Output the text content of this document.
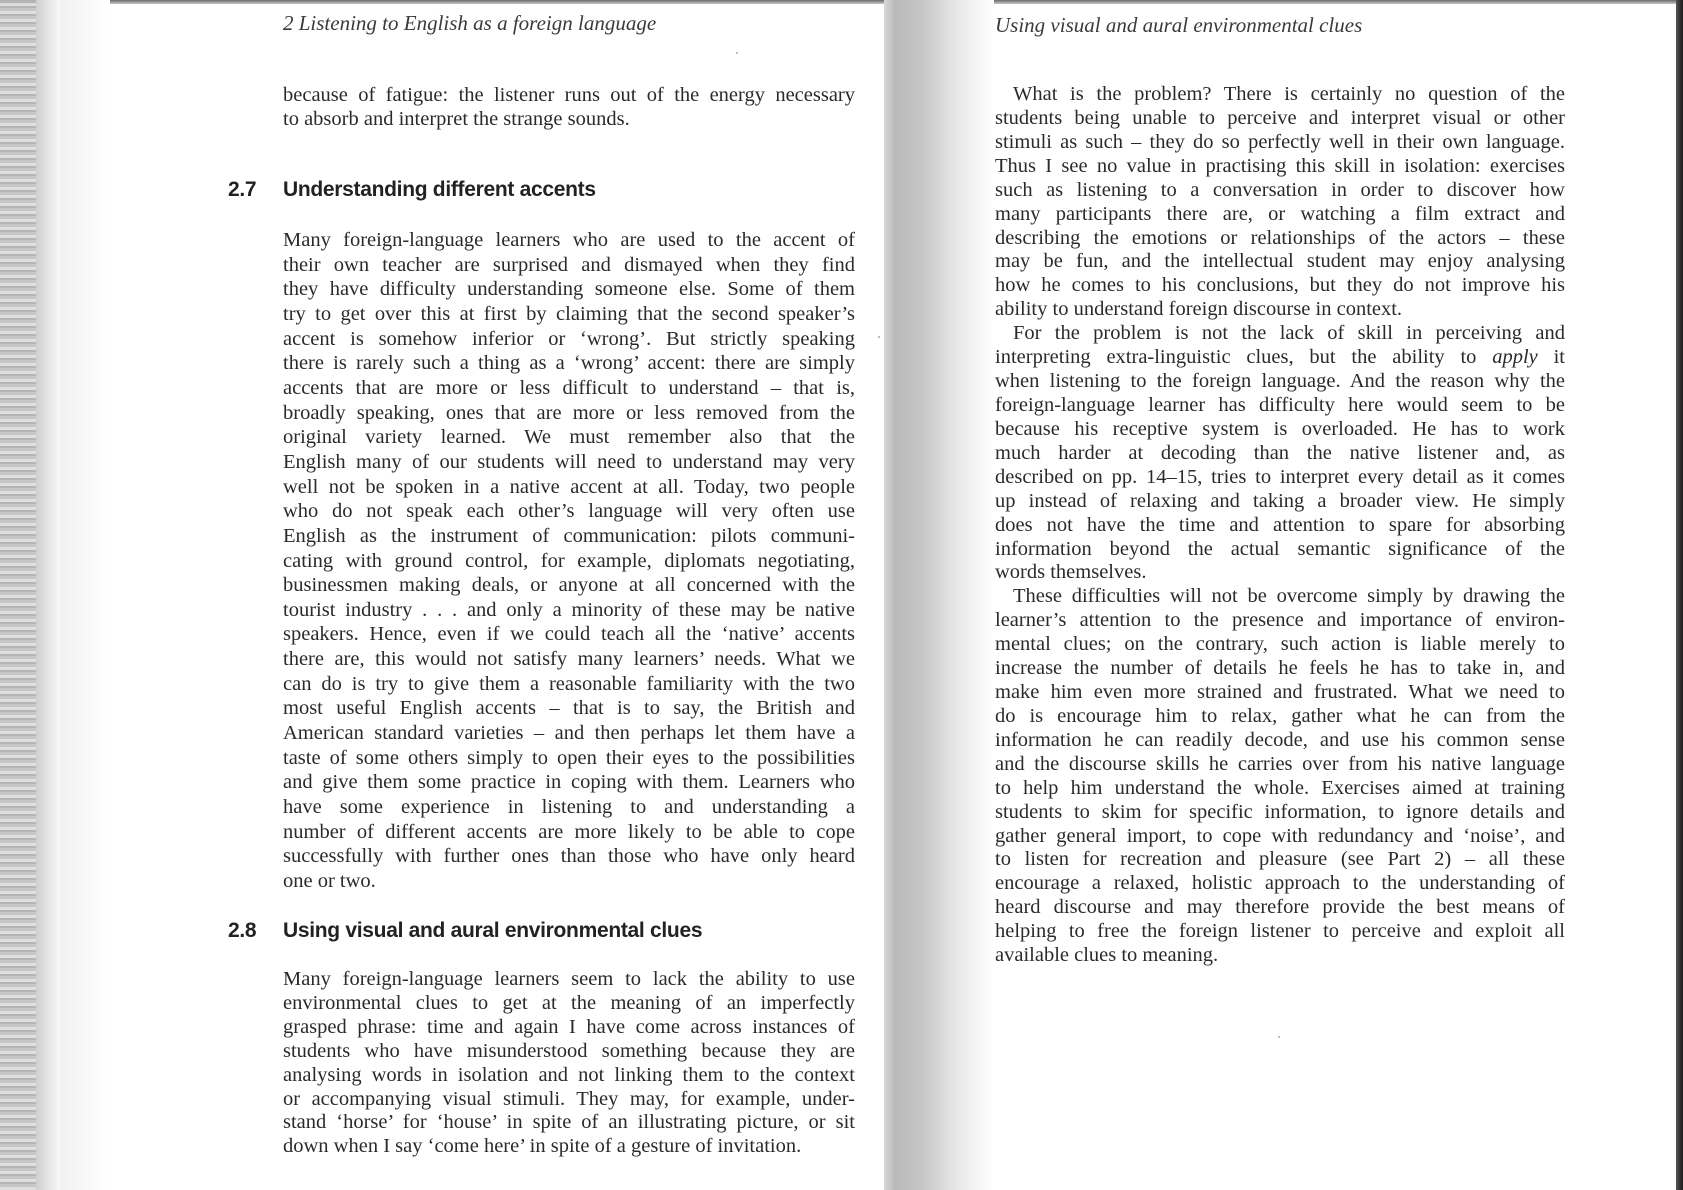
2 Listening to English as a foreign language
because of fatigue: the listener runs out of the energy necessary
to absorb and interpret the strange sounds.
2.7 Understanding different accents
Many foreign-language learners who are used to the accent of
their own teacher are surprised and dismayed when they find
they have difficulty understanding someone else. Some of them
try to get over this at first by claiming that the second speaker’s
accent is somehow inferior or ‘wrong’. But strictly speaking
there is rarely such a thing as a ‘wrong’ accent: there are simply
accents that are more or less difficult to understand – that is,
broadly speaking, ones that are more or less removed from the
original variety learned. We must remember also that the
English many of our students will need to understand may very
well not be spoken in a native accent at all. Today, two people
who do not speak each other’s language will very often use
English as the instrument of communication: pilots communi-
cating with ground control, for example, diplomats negotiating,
businessmen making deals, or anyone at all concerned with the
tourist industry . . . and only a minority of these may be native
speakers. Hence, even if we could teach all the ‘native’ accents
there are, this would not satisfy many learners’ needs. What we
can do is try to give them a reasonable familiarity with the two
most useful English accents – that is to say, the British and
American standard varieties – and then perhaps let them have a
taste of some others simply to open their eyes to the possibilities
and give them some practice in coping with them. Learners who
have some experience in listening to and understanding a
number of different accents are more likely to be able to cope
successfully with further ones than those who have only heard
one or two.
2.8 Using visual and aural environmental clues
Many foreign-language learners seem to lack the ability to use
environmental clues to get at the meaning of an imperfectly
grasped phrase: time and again I have come across instances of
students who have misunderstood something because they are
analysing words in isolation and not linking them to the context
or accompanying visual stimuli. They may, for example, under-
stand ‘horse’ for ‘house’ in spite of an illustrating picture, or sit
down when I say ‘come here’ in spite of a gesture of invitation.
Using visual and aural environmental clues
What is the problem? There is certainly no question of the
students being unable to perceive and interpret visual or other
stimuli as such – they do so perfectly well in their own language.
Thus I see no value in practising this skill in isolation: exercises
such as listening to a conversation in order to discover how
many participants there are, or watching a film extract and
describing the emotions or relationships of the actors – these
may be fun, and the intellectual student may enjoy analysing
how he comes to his conclusions, but they do not improve his
ability to understand foreign discourse in context.
For the problem is not the lack of skill in perceiving and
interpreting extra-linguistic clues, but the ability to apply it
when listening to the foreign language. And the reason why the
foreign-language learner has difficulty here would seem to be
because his receptive system is overloaded. He has to work
much harder at decoding than the native listener and, as
described on pp. 14–15, tries to interpret every detail as it comes
up instead of relaxing and taking a broader view. He simply
does not have the time and attention to spare for absorbing
information beyond the actual semantic significance of the
words themselves.
These difficulties will not be overcome simply by drawing the
learner’s attention to the presence and importance of environ-
mental clues; on the contrary, such action is liable merely to
increase the number of details he feels he has to take in, and
make him even more strained and frustrated. What we need to
do is encourage him to relax, gather what he can from the
information he can readily decode, and use his common sense
and the discourse skills he carries over from his native language
to help him understand the whole. Exercises aimed at training
students to skim for specific information, to ignore details and
gather general import, to cope with redundancy and ‘noise’, and
to listen for recreation and pleasure (see Part 2) – all these
encourage a relaxed, holistic approach to the understanding of
heard discourse and may therefore provide the best means of
helping to free the foreign listener to perceive and exploit all
available clues to meaning.
